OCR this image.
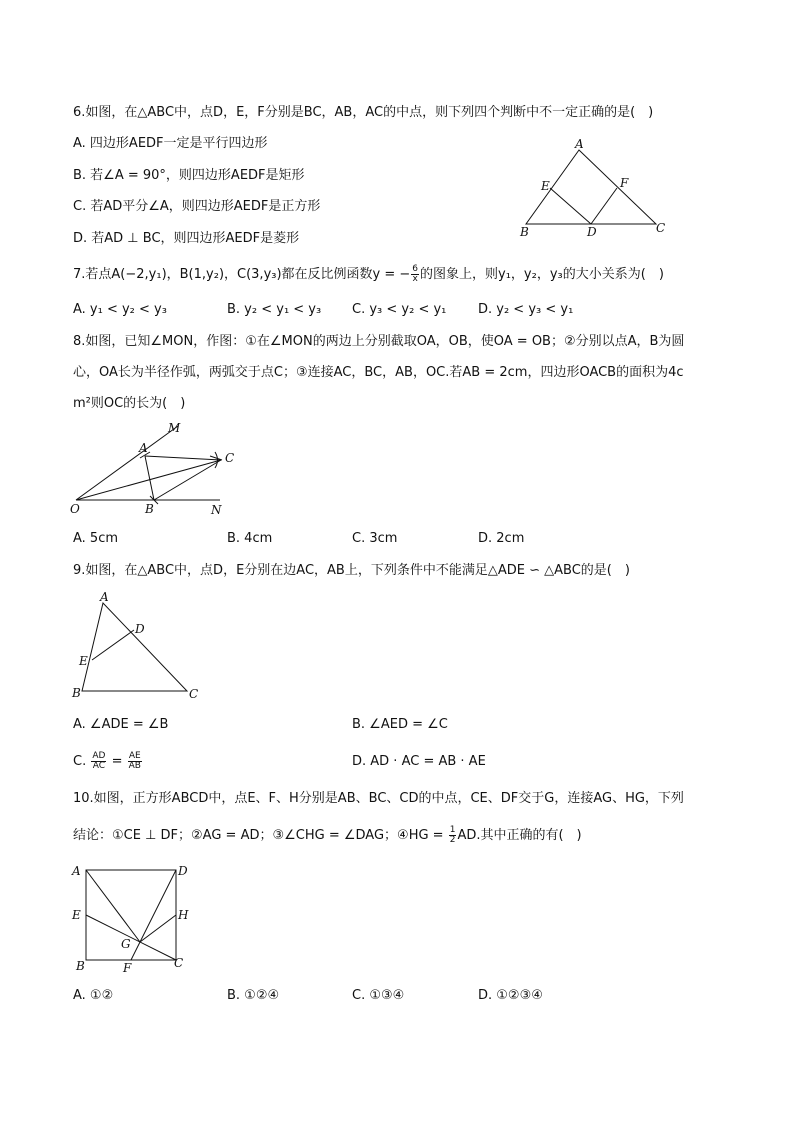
6.如图，在△ABC中，点D，E，F分别是BC，AB，AC的中点，则下列四个判断中不一定正确的是(　)
A. 四边形AEDF一定是平行四边形
B. 若∠A = 90°，则四边形AEDF是矩形
C. 若AD平分∠A，则四边形AEDF是正方形
D. 若AD ⊥ BC，则四边形AEDF是菱形
A
E	F
B	D	C
7.若点A(−2,y₁)，B(1,y₂)，C(3,y₃)都在反比例函数y = − $\frac{6}{x}$ 的图象上，则y₁，y₂，y₃的大小关系为(　)
A. y₁ < y₂ < y₃	B. y₂ < y₁ < y₃ C. y₃ < y₂ < y₁ D. y₂ < y₃ < y₁
8.如图，已知∠MON，作图：①在∠MON的两边上分别截取OA，OB，使OA = OB；②分别以点A，B为圆
心，OA长为半径作弧，两弧交于点C；③连接AC，BC，AB，OC.若AB = 2cm，四边形OACB的面积为4c
m²则OC的长为(　)
M
A
C
O	B	N
A. 5cm	B. 4cm	C. 3cm	D. 2cm
9.如图，在△ABC中，点D，E分别在边AC，AB上，下列条件中不能满足△ADE ∽ △ABC的是(　)
A
D
E
B	C
A. ∠ADE = ∠B	B. ∠AED = ∠C
C. $\frac{AD}{AC} = \frac{AE}{AB}$	D. AD · AC = AB · AE
10.如图，正方形ABCD中，点E、F、H分别是AB、BC、CD的中点，CE、DF交于G，连接AG、HG，下列
结论：①CE ⊥ DF；②AG = AD；③∠CHG = ∠DAG；④HG = $\frac{1}{2}$ AD.其中正确的有(　)
A	D
E	H
G
B	F	C
A. ①②	B. ①②④	C. ①③④	D. ①②③④
